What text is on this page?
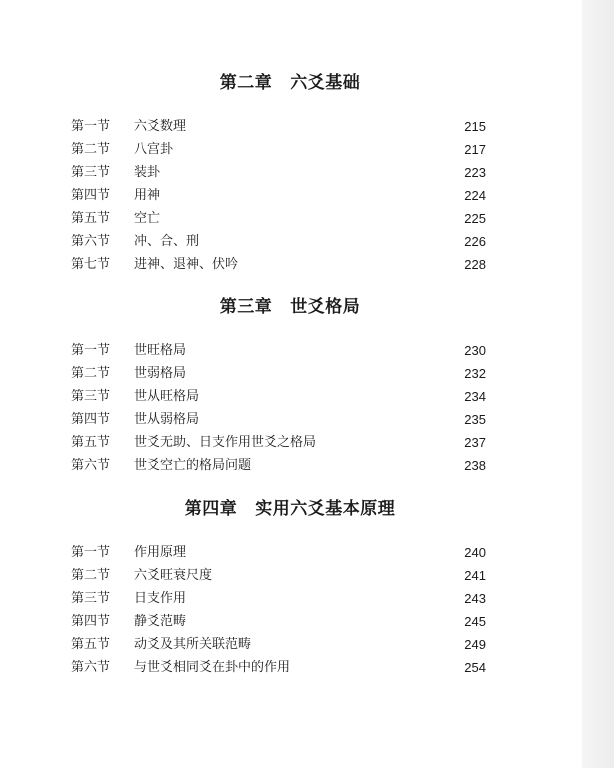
第二章 六爻基础
第一节 六爻数理	215
第二节 八宫卦	217
第三节 装卦	223
第四节 用神	224
第五节 空亡	225
第六节 冲、合、刑	226
第七节 进神、退神、伏吟	228
第三章 世爻格局
第一节 世旺格局	230
第二节 世弱格局	232
第三节 世从旺格局	234
第四节 世从弱格局	235
第五节 世爻无助、日支作用世爻之格局	237
第六节 世爻空亡的格局问题	238
第四章 实用六爻基本原理
第一节 作用原理	240
第二节 六爻旺衰尺度	241
第三节 日支作用	243
第四节 静爻范畴	245
第五节 动爻及其所关联范畴	249
第六节 与世爻相同爻在卦中的作用	254
